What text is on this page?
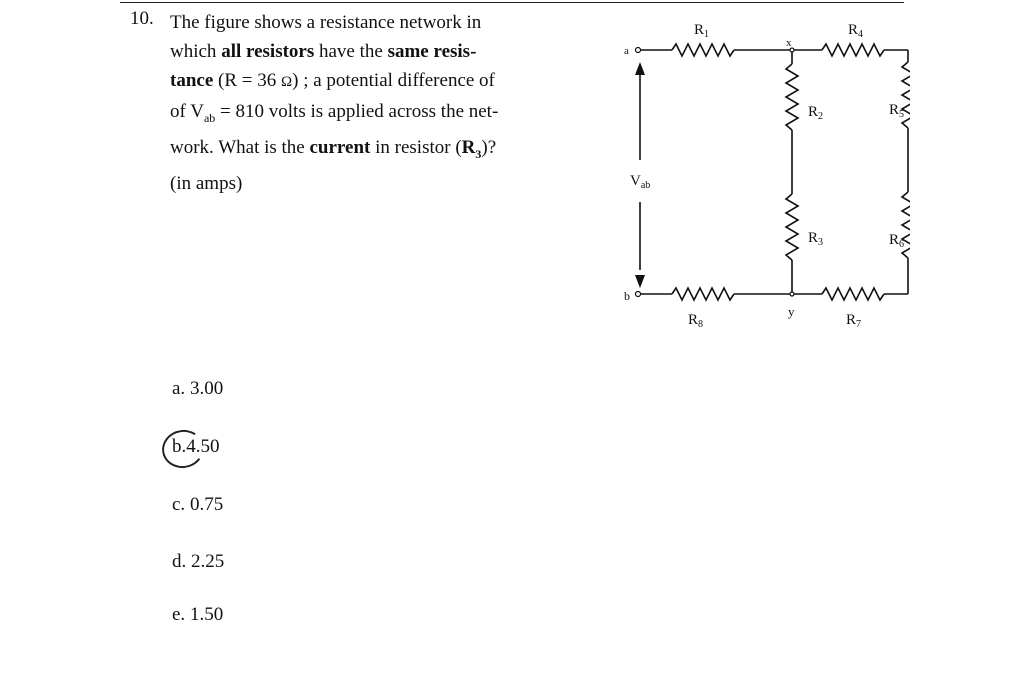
10. The figure shows a resistance network in

which all resistors have the same resis-

tance (R = 36 Ω) ; a potential difference of

of $V_{ab} = 810$ volts is applied across the net-

work. What is the current in resistor $(R_3)$?

(in amps)

a
b
x
y
$V_{ab}$
$R_1$	$R_4$
$R_2$
$R_3$
$R_5$
$R_6$
$R_8$	$R_7$
a. 3.00
b.4.50
c. 0.75
d. 2.25
e. 1.50
